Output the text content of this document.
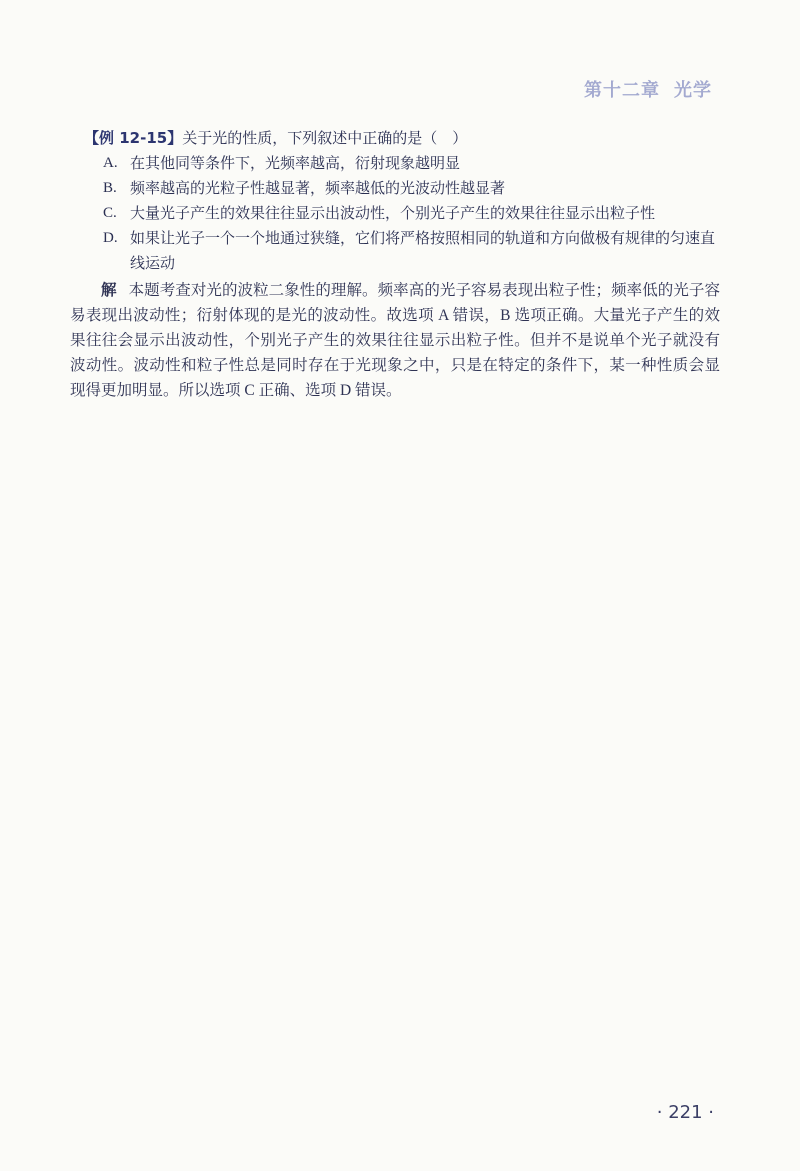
第十二章 光学
【例 12-15】关于光的性质，下列叙述中正确的是（　）
A. 在其他同等条件下，光频率越高，衍射现象越明显
B. 频率越高的光粒子性越显著，频率越低的光波动性越显著
C. 大量光子产生的效果往往显示出波动性，个别光子产生的效果往往显示出粒子性
D. 如果让光子一个一个地通过狭缝，它们将严格按照相同的轨道和方向做极有规律的匀速直线运动

解 本题考查对光的波粒二象性的理解。频率高的光子容易表现出粒子性；频率低的光子容易表现出波动性；衍射体现的是光的波动性。故选项 A 错误，B 选项正确。大量光子产生的效果往往会显示出波动性，个别光子产生的效果往往显示出粒子性。但并不是说单个光子就没有波动性。波动性和粒子性总是同时存在于光现象之中，只是在特定的条件下，某一种性质会显现得更加明显。所以选项 C 正确、选项 D 错误。

· 221 ·
